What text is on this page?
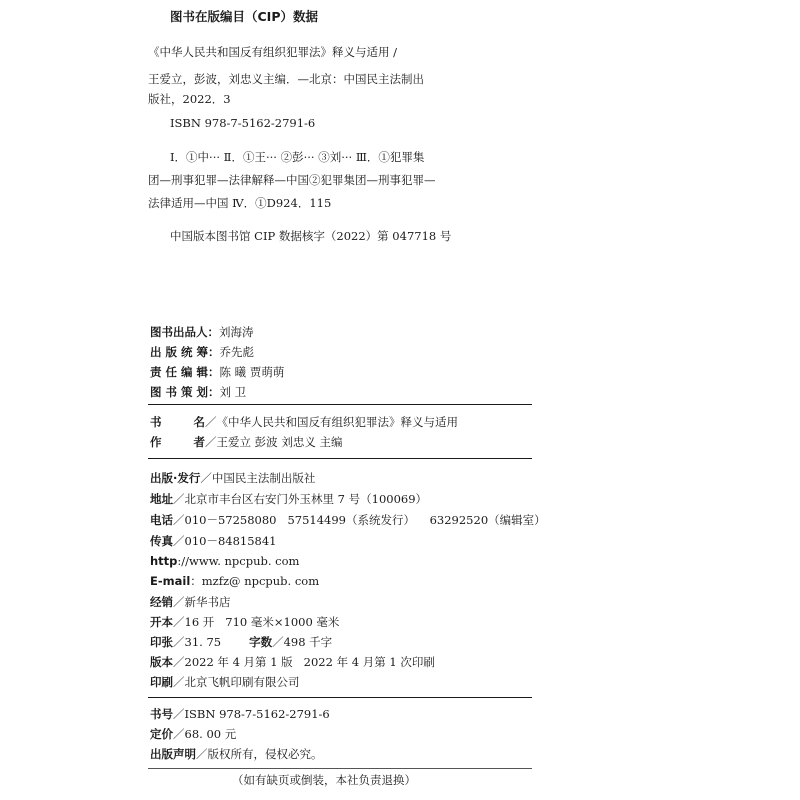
图书在版编目（CIP）数据
《中华人民共和国反有组织犯罪法》释义与适用 /
王爱立，彭波，刘忠义主编．—北京：中国民主法制出
版社，2022．3
ISBN 978-7-5162-2791-6
Ⅰ．①中··· Ⅱ．①王··· ②彭··· ③刘··· Ⅲ．①犯罪集
团—刑事犯罪—法律解释—中国②犯罪集团—刑事犯罪—
法律适用—中国 Ⅳ．①D924．115
中国版本图书馆 CIP 数据核字（2022）第 047718 号
图书出品人：刘海涛
出 版 统 筹：乔先彪
责 任 编 辑：陈 曦 贾萌萌
图 书 策 划：刘 卫
书        名／《中华人民共和国反有组织犯罪法》释义与适用
作        者／王爱立 彭波 刘忠义 主编
出版·发行／中国民主法制出版社
地址／北京市丰台区右安门外玉林里 7 号（100069）
电话／010－57258080   57514499（系统发行）    63292520（编辑室）
传真／010－84815841
http://www. npcpub. com
E-mail：mzfz@ npcpub. com
经销／新华书店
开本／16 开   710 毫米×1000 毫米
印张／31. 75 字数／498 千字
版本／2022 年 4 月第 1 版   2022 年 4 月第 1 次印刷
印刷／北京飞帆印刷有限公司
书号／ISBN 978-7-5162-2791-6
定价／68. 00 元
出版声明／版权所有，侵权必究。
（如有缺页或倒装，本社负责退换）
